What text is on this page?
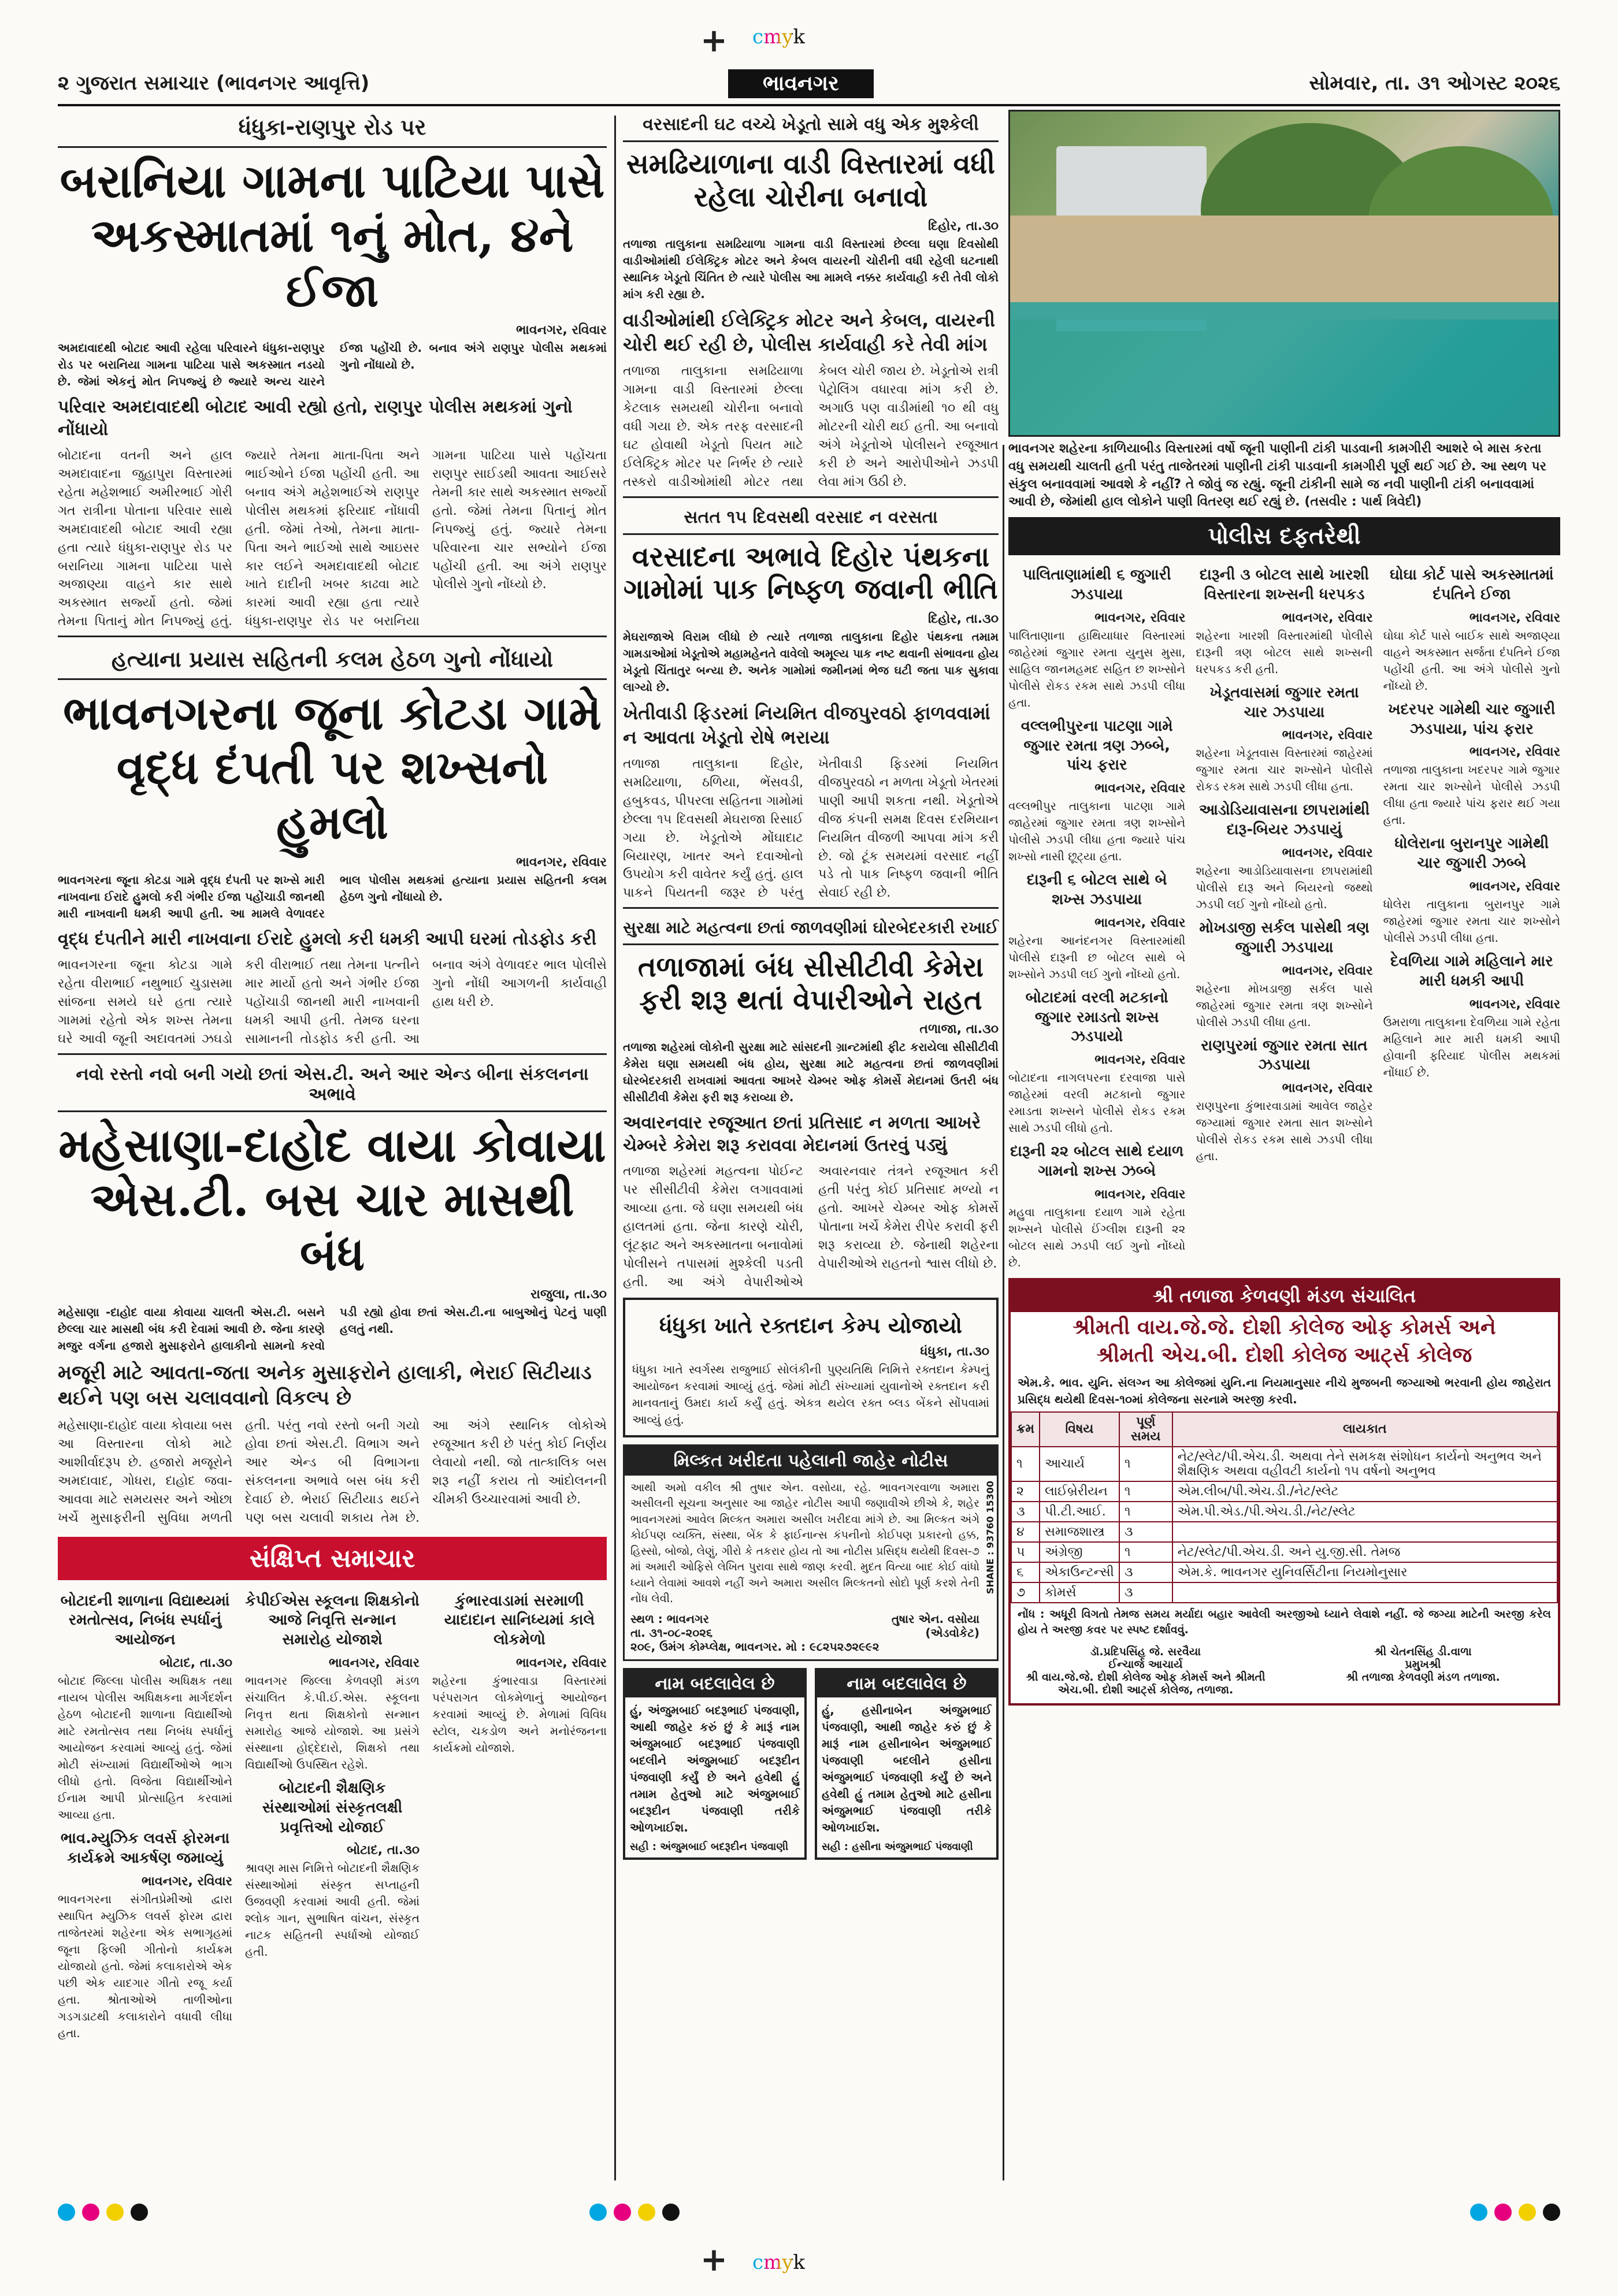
+ cmyk
૨ ગુજરાત સમાચાર (ભાવનગર આવૃત્તિ)	ભાવનગર	સોમવાર, તા. ૩૧ ઓગસ્ટ ૨૦૨૬
ધંધુકા-રાણપુર રોડ પર
બરાનિયા ગામના પાટિયા પાસે અકસ્માતમાં ૧નું મોત, ૪ને ઈજા
ભાવનગર, રવિવાર
અમદાવાદથી બોટાદ આવી રહેલા પરિવારને ધંધુકા-રાણપુર રોડ પર બરાનિયા ગામના પાટિયા પાસે અકસ્માત નડયો છે. જેમાં એકનું મોત નિપજ્યું છે જ્યારે અન્ય ચારને ઈજા પહોંચી છે. બનાવ અંગે રાણપુર પોલીસ મથકમાં ગુનો નોંધાયો છે.
પરિવાર અમદાવાદથી બોટાદ આવી રહ્યો હતો, રાણપુર પોલીસ મથકમાં ગુનો નોંધાયો
બોટાદના વતની અને હાલ અમદાવાદના જુહાપુરા વિસ્તારમાં રહેતા મહેશભાઈ અમીરભાઈ ગોરી ગત રાત્રીના પોતાના પરિવાર સાથે અમદાવાદથી બોટાદ આવી રહ્યા હતા ત્યારે ધંધુકા-રાણપુર રોડ પર બરાનિયા ગામના પાટિયા પાસે અજાણ્યા વાહને કાર સાથે અકસ્માત સર્જ્યો હતો. જેમાં તેમના પિતાનું મોત નિપજ્યું હતું. જ્યારે તેમના માતા-પિતા અને ભાઈઓને ઈજા પહોંચી હતી. આ બનાવ અંગે મહેશભાઈએ રાણપુર પોલીસ મથકમાં ફરિયાદ નોંધાવી હતી. જેમાં તેઓ, તેમના માતા-પિતા અને ભાઈઓ સાથે આઇસર કાર લઈને અમદાવાદથી બોટાદ ખાતે દાદીની ખબર કાઢવા માટે કારમાં આવી રહ્યા હતા ત્યારે ધંધુકા-રાણપુર રોડ પર બરાનિયા ગામના પાટિયા પાસે પહોંચતા રાણપુર સાઈડથી આવતા આઈસરે તેમની કાર સાથે અકસ્માત સર્જ્યો હતો. જેમાં તેમના પિતાનું મોત નિપજ્યું હતું. જ્યારે તેમના પરિવારના ચાર સભ્યોને ઈજા પહોંચી હતી. આ અંગે રાણપુર પોલીસે ગુનો નોંધ્યો છે.
હત્યાના પ્રયાસ સહિતની કલમ હેઠળ ગુનો નોંધાયો
ભાવનગરના જૂના કોટડા ગામે વૃદ્ધ દંપતી પર શખ્સનો હુમલો
ભાવનગર, રવિવાર
ભાવનગરના જૂના કોટડા ગામે વૃદ્ધ દંપતી પર શખ્સે મારી નાખવાના ઈરાદે હુમલો કરી ગંભીર ઈજા પહોંચાડી જાનથી મારી નાખવાની ધમકી આપી હતી. આ મામલે વેળાવદર ભાલ પોલીસ મથકમાં હત્યાના પ્રયાસ સહિતની કલમ હેઠળ ગુનો નોંધાયો છે.
વૃદ્ધ દંપતીને મારી નાખવાના ઈરાદે હુમલો કરી ધમકી આપી ઘરમાં તોડફોડ કરી
ભાવનગરના જૂના કોટડા ગામે રહેતા વીરાભાઈ નથુભાઈ ચુડાસમા સાંજના સમયે ઘરે હતા ત્યારે ગામમાં રહેતો એક શખ્સ તેમના ઘરે આવી જૂની અદાવતમાં ઝઘડો કરી વીરાભાઈ તથા તેમના પત્નીને માર માર્યો હતો અને ગંભીર ઈજા પહોંચાડી જાનથી મારી નાખવાની ધમકી આપી હતી. તેમજ ઘરના સામાનની તોડફોડ કરી હતી. આ બનાવ અંગે વેળાવદર ભાલ પોલીસે ગુનો નોંધી આગળની કાર્યવાહી હાથ ધરી છે.
નવો રસ્તો નવો બની ગયો છતાં એસ.ટી. અને આર એન્ડ બીના સંકલનના અભાવે
મહેસાણા-દાહોદ વાયા કોવાયા એસ.ટી. બસ ચાર માસથી બંધ
રાજુલા, તા.૩૦
મહેસાણા -દાહોદ વાયા કોવાયા ચાલતી એસ.ટી. બસને છેલ્લા ચાર માસથી બંધ કરી દેવામાં આવી છે. જેના કારણે મજુર વર્ગના હજારો મુસાફરોને હાલાકીનો સામનો કરવો પડી રહ્યો હોવા છતાં એસ.ટી.ના બાબુઓનું પેટનું પાણી હલતું નથી.
મજૂરી માટે આવતા-જતા અનેક મુસાફરોને હાલાકી, ભેરાઈ સિટીયાડ થઈને પણ બસ ચલાવવાનો વિકલ્પ છે
મહેસાણા-દાહોદ વાયા કોવાયા બસ આ વિસ્તારના લોકો માટે આશીર્વાદરૂપ છે. હજારો મજૂરોને અમદાવાદ, ગોધરા, દાહોદ જવા-આવવા માટે સમયસર અને ઓછા ખર્ચે મુસાફરીની સુવિધા મળતી હતી. પરંતુ નવો રસ્તો બની ગયો હોવા છતાં એસ.ટી. વિભાગ અને આર એન્ડ બી વિભાગના સંકલનના અભાવે બસ બંધ કરી દેવાઈ છે. ભેરાઈ સિટીયાડ થઈને પણ બસ ચલાવી શકાય તેમ છે. આ અંગે સ્થાનિક લોકોએ રજૂઆત કરી છે પરંતુ કોઈ નિર્ણય લેવાયો નથી. જો તાત્કાલિક બસ શરૂ નહીં કરાય તો આંદોલનની ચીમકી ઉચ્ચારવામાં આવી છે.
સંક્ષિપ્ત સમાચાર
બોટાદની શાળાના વિદ્યાથ્યમાં રમતોત્સવ, નિબંધ સ્પર્ધાનું આયોજન
બોટાદ, તા.૩૦
બોટાદ જિલ્લા પોલીસ અધિક્ષક તથા નાયબ પોલીસ અધિક્ષકના માર્ગદર્શન હેઠળ બોટાદની શાળાના વિદ્યાર્થીઓ માટે રમતોત્સવ તથા નિબંધ સ્પર્ધાનું આયોજન કરવામાં આવ્યું હતું. જેમાં મોટી સંખ્યામાં વિદ્યાર્થીઓએ ભાગ લીધો હતો. વિજેતા વિદ્યાર્થીઓને ઈનામ આપી પ્રોત્સાહિત કરવામાં આવ્યા હતા.
ભાવ.મ્યુઝિક લવર્સ ફોરમના કાર્યક્રમે આકર્ષણ જમાવ્યું
ભાવનગર, રવિવાર
ભાવનગરના સંગીતપ્રેમીઓ દ્વારા સ્થાપિત મ્યુઝિક લવર્સ ફોરમ દ્વારા તાજેતરમાં શહેરના એક સભાગૃહમાં જૂના ફિલ્મી ગીતોનો કાર્યક્રમ યોજાયો હતો. જેમાં કલાકારોએ એક પછી એક યાદગાર ગીતો રજૂ કર્યા હતા. શ્રોતાઓએ તાળીઓના ગડગડાટથી કલાકારોને વધાવી લીધા હતા.
કેપીઈએસ સ્કૂલના શિક્ષકોનો આજે નિવૃત્તિ સન્માન સમારોહ યોજાશે
ભાવનગર, રવિવાર
ભાવનગર જિલ્લા કેળવણી મંડળ સંચાલિત કે.પી.ઈ.એસ. સ્કૂલના નિવૃત્ત થતા શિક્ષકોનો સન્માન સમારોહ આજે યોજાશે. આ પ્રસંગે સંસ્થાના હોદ્દેદારો, શિક્ષકો તથા વિદ્યાર્થીઓ ઉપસ્થિત રહેશે.
બોટાદની શૈક્ષણિક સંસ્થાઓમાં સંસ્કૃતલક્ષી પ્રવૃત્તિઓ યોજાઈ
બોટાદ, તા.૩૦
શ્રાવણ માસ નિમિત્તે બોટાદની શૈક્ષણિક સંસ્થાઓમાં સંસ્કૃત સપ્તાહની ઉજવણી કરવામાં આવી હતી. જેમાં શ્લોક ગાન, સુભાષિત વાંચન, સંસ્કૃત નાટક સહિતની સ્પર્ધાઓ યોજાઈ હતી.
કુંભારવાડામાં સરમાળી યાદાદાન સાનિધ્યમાં કાલે લોકમેળો
ભાવનગર, રવિવાર
શહેરના કુંભારવાડા વિસ્તારમાં પરંપરાગત લોકમેળાનું આયોજન કરવામાં આવ્યું છે. મેળામાં વિવિધ સ્ટોલ, ચકડોળ અને મનોરંજનના કાર્યક્રમો યોજાશે.
વરસાદની ઘટ વચ્ચે ખેડૂતો સામે વધુ એક મુશ્કેલી
સમઢિયાળાના વાડી વિસ્તારમાં વધી રહેલા ચોરીના બનાવો
દિહોર, તા.૩૦
તળાજા તાલુકાના સમઢિયાળા ગામના વાડી વિસ્તારમાં છેલ્લા ઘણા દિવસોથી વાડીઓમાંથી ઈલેક્ટ્રિક મોટર અને કેબલ વાયરની ચોરીની વધી રહેલી ઘટનાથી સ્થાનિક ખેડૂતો ચિંતિત છે ત્યારે પોલીસ આ મામલે નક્કર કાર્યવાહી કરી તેવી લોકો માંગ કરી રહ્યા છે.
વાડીઓમાંથી ઈલેક્ટ્રિક મોટર અને કેબલ, વાયરની ચોરી થઈ રહી છે, પોલીસ કાર્યવાહી કરે તેવી માંગ
તળાજા તાલુકાના સમઢિયાળા ગામના વાડી વિસ્તારમાં છેલ્લા કેટલાક સમયથી ચોરીના બનાવો વધી ગયા છે. એક તરફ વરસાદની ઘટ હોવાથી ખેડૂતો પિયત માટે ઈલેક્ટ્રિક મોટર પર નિર્ભર છે ત્યારે તસ્કરો વાડીઓમાંથી મોટર તથા કેબલ ચોરી જાય છે. ખેડૂતોએ રાત્રી પેટ્રોલિંગ વધારવા માંગ કરી છે. અગાઉ પણ વાડીમાંથી ૧૦ થી વધુ મોટરની ચોરી થઈ હતી. આ બનાવો અંગે ખેડૂતોએ પોલીસને રજૂઆત કરી છે અને આરોપીઓને ઝડપી લેવા માંગ ઉઠી છે.
સતત ૧૫ દિવસથી વરસાદ ન વરસતા
વરસાદના અભાવે દિહોર પંથકના ગામોમાં પાક નિષ્ફળ જવાની ભીતિ
દિહોર, તા.૩૦
મેઘરાજાએ વિરામ લીધો છે ત્યારે તળાજા તાલુકાના દિહોર પંથકના તમામ ગામડાઓમાં ખેડૂતોએ મહામહેનતે વાવેલો અમૂલ્ય પાક નષ્ટ થવાની સંભાવના હોય ખેડૂતો ચિંતાતુર બન્યા છે. અનેક ગામોમાં જમીનમાં ભેજ ઘટી જતા પાક સુકાવા લાગ્યો છે.
ખેતીવાડી ફિડરમાં નિયમિત વીજપુરવઠો ફાળવવામાં ન આવતા ખેડૂતો રોષે ભરાયા
તળાજા તાલુકાના દિહોર, સમઢિયાળા, ઠળિયા, ભેંસવડી, હબુકવડ, પીપરલા સહિતના ગામોમાં છેલ્લા ૧૫ દિવસથી મેઘરાજા રિસાઈ ગયા છે. ખેડૂતોએ મોંઘાદાટ બિયારણ, ખાતર અને દવાઓનો ઉપયોગ કરી વાવેતર કર્યું હતું. હાલ પાકને પિયતની જરૂર છે પરંતુ ખેતીવાડી ફિડરમાં નિયમિત વીજપુરવઠો ન મળતા ખેડૂતો ખેતરમાં પાણી આપી શકતા નથી. ખેડૂતોએ વીજ કંપની સમક્ષ દિવસ દરમિયાન નિયમિત વીજળી આપવા માંગ કરી છે. જો ટૂંક સમયમાં વરસાદ નહીં પડે તો પાક નિષ્ફળ જવાની ભીતિ સેવાઈ રહી છે.
સુરક્ષા માટે મહત્વના છતાં જાળવણીમાં ઘોરબેદરકારી રખાઈ
તળાજામાં બંધ સીસીટીવી કેમેરા ફરી શરૂ થતાં વેપારીઓને રાહત
તળાજા, તા.૩૦
તળાજા શહેરમાં લોકોની સુરક્ષા માટે સાંસદની ગ્રાન્ટમાંથી ફીટ કરાયેલા સીસીટીવી કેમેરા ઘણા સમયથી બંધ હોય, સુરક્ષા માટે મહત્વના છતાં જાળવણીમાં ઘોરબેદરકારી રાખવામાં આવતા આખરે ચેમ્બર ઓફ કોમર્સે મેદાનમાં ઉતરી બંધ સીસીટીવી કેમેરા ફરી શરૂ કરાવ્યા છે.
અવારનવાર રજૂઆત છતાં પ્રતિસાદ ન મળતા આખરે ચેમ્બરે કેમેરા શરૂ કરાવવા મેદાનમાં ઉતરવું પડ્યું
તળાજા શહેરમાં મહત્વના પોઈન્ટ પર સીસીટીવી કેમેરા લગાવવામાં આવ્યા હતા. જે ઘણા સમયથી બંધ હાલતમાં હતા. જેના કારણે ચોરી, લૂંટફાટ અને અકસ્માતના બનાવોમાં પોલીસને તપાસમાં મુશ્કેલી પડતી હતી. આ અંગે વેપારીઓએ અવારનવાર તંત્રને રજૂઆત કરી હતી પરંતુ કોઈ પ્રતિસાદ મળ્યો ન હતો. આખરે ચેમ્બર ઓફ કોમર્સે પોતાના ખર્ચે કેમેરા રીપેર કરાવી ફરી શરૂ કરાવ્યા છે. જેનાથી શહેરના વેપારીઓએ રાહતનો શ્વાસ લીધો છે.
ધંધુકા ખાતે રક્તદાન કેમ્પ યોજાયો
ધંધુકા, તા.૩૦
ધંધુકા ખાતે સ્વર્ગસ્થ રાજુભાઈ સોલંકીની પુણ્યતિથિ નિમિત્તે રક્તદાન કેમ્પનું આયોજન કરવામાં આવ્યું હતું. જેમાં મોટી સંખ્યામાં યુવાનોએ રક્તદાન કરી માનવતાનું ઉમદા કાર્ય કર્યું હતું. એકત્ર થયેલ રક્ત બ્લડ બેંકને સોંપવામાં આવ્યું હતું.
મિલ્કત ખરીદતા પહેલાની જાહેર નોટીસ
આથી અમો વકીલ શ્રી તુષાર એન. વસોયા, રહે. ભાવનગરવાળા અમારા અસીલની સૂચના અનુસાર આ જાહેર નોટીસ આપી જણાવીએ છીએ કે, શહેર ભાવનગરમાં આવેલ મિલ્કત અમારા અસીલ ખરીદવા માંગે છે. આ મિલ્કત અંગે કોઈપણ વ્યક્તિ, સંસ્થા, બેંક કે ફાઈનાન્સ કંપનીનો કોઈપણ પ્રકારનો હક્ક, હિસ્સો, બોજો, લેણું, ગીરો કે તકરાર હોય તો આ નોટીસ પ્રસિદ્ધ થયેથી દિવસ-૭ માં અમારી ઓફિસે લેખિત પુરાવા સાથે જાણ કરવી. મુદત વિત્યા બાદ કોઈ વાંધો ધ્યાને લેવામાં આવશે નહીં અને અમારા અસીલ મિલ્કતનો સોદો પૂર્ણ કરશે તેની નોંધ લેવી.
સ્થળ : ભાવનગર
તા. ૩૧-૦૮-૨૦૨૬
૨૦૯, ઉમંગ કોમ્પ્લેક્ષ, ભાવનગર. મો : ૯૮૨૫૨૭૨૯૯૨
તુષાર એન. વસોયા
(એડવોકેટ)
SHANE : 93760 15300
નામ બદલાવેલ છે
હું, અંજુમબાઈ બદરૂભાઈ પંજવાણી, આથી જાહેર કરું છું કે મારૂં નામ અંજુમબાઈ બદરૂભાઈ પંજવાણી બદલીને અંજુમબાઈ બદરૂદીન પંજવાણી કર્યું છે અને હવેથી હું તમામ હેતુઓ માટે અંજુમબાઈ બદરૂદીન પંજવાણી તરીકે ઓળખાઈશ.
સહી : અંજુમબાઈ બદરૂદીન પંજવાણી
નામ બદલાવેલ છે
હું, હસીનાબેન અંજુમભાઈ પંજવાણી, આથી જાહેર કરું છું કે મારૂં નામ હસીનાબેન અંજુમભાઈ પંજવાણી બદલીને હસીના અંજુમભાઈ પંજવાણી કર્યું છે અને હવેથી હું તમામ હેતુઓ માટે હસીના અંજુમભાઈ પંજવાણી તરીકે ઓળખાઈશ.
સહી : હસીના અંજુમભાઈ પંજવાણી
ભાવનગર શહેરના કાળિયાબીડ વિસ્તારમાં વર્ષો જૂની પાણીની ટાંકી પાડવાની કામગીરી આશરે બે માસ કરતા વધુ સમયથી ચાલતી હતી પરંતુ તાજેતરમાં પાણીની ટાંકી પાડવાની કામગીરી પૂર્ણ થઈ ગઈ છે. આ સ્થળ પર સંકુલ બનાવવામાં આવશે કે નહીં? તે જોવું જ રહ્યું. જૂની ટાંકીની સામે જ નવી પાણીની ટાંકી બનાવવામાં આવી છે, જેમાંથી હાલ લોકોને પાણી વિતરણ થઈ રહ્યું છે. (તસવીર : પાર્થ ત્રિવેદી)
પોલીસ દફતરેથી
પાલિતાણામાંથી ૬ જુગારી ઝડપાયા
ભાવનગર, રવિવાર
પાલિતાણાના હાથિયાધાર વિસ્તારમાં જાહેરમાં જુગાર રમતા યુનુસ મુસા, સાહિલ જાનમહમદ સહિત છ શખ્સોને પોલીસે રોકડ રકમ સાથે ઝડપી લીધા હતા.
વલ્લભીપુરના પાટણા ગામે જુગાર રમતા ત્રણ ઝબ્બે, પાંચ ફરાર
ભાવનગર, રવિવાર
વલ્લભીપુર તાલુકાના પાટણા ગામે જાહેરમાં જુગાર રમતા ત્રણ શખ્સોને પોલીસે ઝડપી લીધા હતા જ્યારે પાંચ શખ્સો નાસી છૂટ્યા હતા.
દારૂની ૬ બોટલ સાથે બે શખ્સ ઝડપાયા
ભાવનગર, રવિવાર
શહેરના આનંદનગર વિસ્તારમાંથી પોલીસે દારૂની છ બોટલ સાથે બે શખ્સોને ઝડપી લઈ ગુનો નોંધ્યો હતો.
બોટાદમાં વરલી મટકાનો જુગાર રમાડતો શખ્સ ઝડપાયો
ભાવનગર, રવિવાર
બોટાદના નાગલપરના દરવાજા પાસે જાહેરમાં વરલી મટકાનો જુગાર રમાડતા શખ્સને પોલીસે રોકડ રકમ સાથે ઝડપી લીધો હતો.
દારૂની ૨૨ બોટલ સાથે દયાળ ગામનો શખ્સ ઝબ્બે
ભાવનગર, રવિવાર
મહુવા તાલુકાના દયાળ ગામે રહેતા શખ્સને પોલીસે ઈંગ્લીશ દારૂની ૨૨ બોટલ સાથે ઝડપી લઈ ગુનો નોંધ્યો છે.
દારૂની ૩ બોટલ સાથે ખારશી વિસ્તારના શખ્સની ધરપકડ
ભાવનગર, રવિવાર
શહેરના ખારશી વિસ્તારમાંથી પોલીસે દારૂની ત્રણ બોટલ સાથે શખ્સની ધરપકડ કરી હતી.
ખેડૂતવાસમાં જુગાર રમતા ચાર ઝડપાયા
ભાવનગર, રવિવાર
શહેરના ખેડૂતવાસ વિસ્તારમાં જાહેરમાં જુગાર રમતા ચાર શખ્સોને પોલીસે રોકડ રકમ સાથે ઝડપી લીધા હતા.
આડોડિયાવાસના છાપરામાંથી દારૂ-બિયર ઝડપાયું
ભાવનગર, રવિવાર
શહેરના આડોડિયાવાસના છાપરામાંથી પોલીસે દારૂ અને બિયરનો જથ્થો ઝડપી લઈ ગુનો નોંધ્યો હતો.
મોખડાજી સર્કલ પાસેથી ત્રણ જુગારી ઝડપાયા
ભાવનગર, રવિવાર
શહેરના મોખડાજી સર્કલ પાસે જાહેરમાં જુગાર રમતા ત્રણ શખ્સોને પોલીસે ઝડપી લીધા હતા.
રાણપુરમાં જુગાર રમતા સાત ઝડપાયા
ભાવનગર, રવિવાર
રાણપુરના કુંભારવાડામાં આવેલ જાહેર જગ્યામાં જુગાર રમતા સાત શખ્સોને પોલીસે રોકડ રકમ સાથે ઝડપી લીધા હતા.
ઘોઘા કોર્ટ પાસે અકસ્માતમાં દંપતિને ઈજા
ભાવનગર, રવિવાર
ઘોઘા કોર્ટ પાસે બાઈક સાથે અજાણ્યા વાહને અકસ્માત સર્જતા દંપતિને ઈજા પહોંચી હતી. આ અંગે પોલીસે ગુનો નોંધ્યો છે.
ખદરપર ગામેથી ચાર જુગારી ઝડપાયા, પાંચ ફરાર
ભાવનગર, રવિવાર
તળાજા તાલુકાના ખદરપર ગામે જુગાર રમતા ચાર શખ્સોને પોલીસે ઝડપી લીધા હતા જ્યારે પાંચ ફરાર થઈ ગયા હતા.
ધોલેરાના બુરાનપુર ગામેથી ચાર જુગારી ઝબ્બે
ભાવનગર, રવિવાર
ધોલેરા તાલુકાના બુરાનપુર ગામે જાહેરમાં જુગાર રમતા ચાર શખ્સોને પોલીસે ઝડપી લીધા હતા.
દેવળિયા ગામે મહિલાને માર મારી ધમકી આપી
ભાવનગર, રવિવાર
ઉમરાળા તાલુકાના દેવળિયા ગામે રહેતા મહિલાને માર મારી ધમકી આપી હોવાની ફરિયાદ પોલીસ મથકમાં નોંધાઈ છે.
શ્રી તળાજા કેળવણી મંડળ સંચાલિત
શ્રીમતી વાય.જે.જે. દોશી કોલેજ ઓફ કોમર્સ અને
શ્રીમતી એચ.બી. દોશી કોલેજ આર્ટ્સ કોલેજ
એમ.કે. ભાવ. યુનિ. સંલગ્ન આ કોલેજમાં યુનિ.ના નિયમાનુસાર નીચે મુજબની જગ્યાઓ ભરવાની હોય જાહેરાત પ્રસિદ્ધ થયેથી દિવસ-૧૦માં કોલેજના સરનામે અરજી કરવી.
ક્રમ	વિષય	પૂર્ણ સમય	લાયકાત
૧	આચાર્ય	૧	નેટ/સ્લેટ/પી.એચ.ડી. અથવા તેને સમકક્ષ સંશોધન કાર્યનો અનુભવ અને શૈક્ષણિક અથવા વહીવટી કાર્યનો ૧૫ વર્ષનો અનુભવ
૨	લાઈબ્રેરીયન	૧	એમ.લીબ/પી.એચ.ડી./નેટ/સ્લેટ
૩	પી.ટી.આઈ.	૧	એમ.પી.એડ./પી.એચ.ડી./નેટ/સ્લેટ
૪	સમાજશાસ્ત્ર	૩	
૫	અંગ્રેજી	૧	નેટ/સ્લેટ/પી.એચ.ડી. અને યુ.જી.સી. તેમજ
૬	એકાઉન્ટન્સી	૩	એમ.કે. ભાવનગર યુનિવર્સિટીના નિયમોનુસાર
૭	કોમર્સ	૩	
નોંધ : અધૂરી વિગતો તેમજ સમય મર્યાદા બહાર આવેલી અરજીઓ ધ્યાને લેવાશે નહીં. જે જગ્યા માટેની અરજી કરેલ હોય તે અરજી કવર પર સ્પષ્ટ દર્શાવવું.
ડૉ.પ્રદિપસિંહ જે. સરવૈયા
ઈન્ચાર્જ આચાર્ય
શ્રી વાય.જે.જે. દોશી કોલેજ ઓફ કોમર્સ અને શ્રીમતી એચ.બી. દોશી આર્ટ્સ કોલેજ, તળાજા.
શ્રી ચેતનસિંહ ડી.વાળા
પ્રમુખશ્રી
શ્રી તળાજા કેળવણી મંડળ તળાજા.
+ cmyk
